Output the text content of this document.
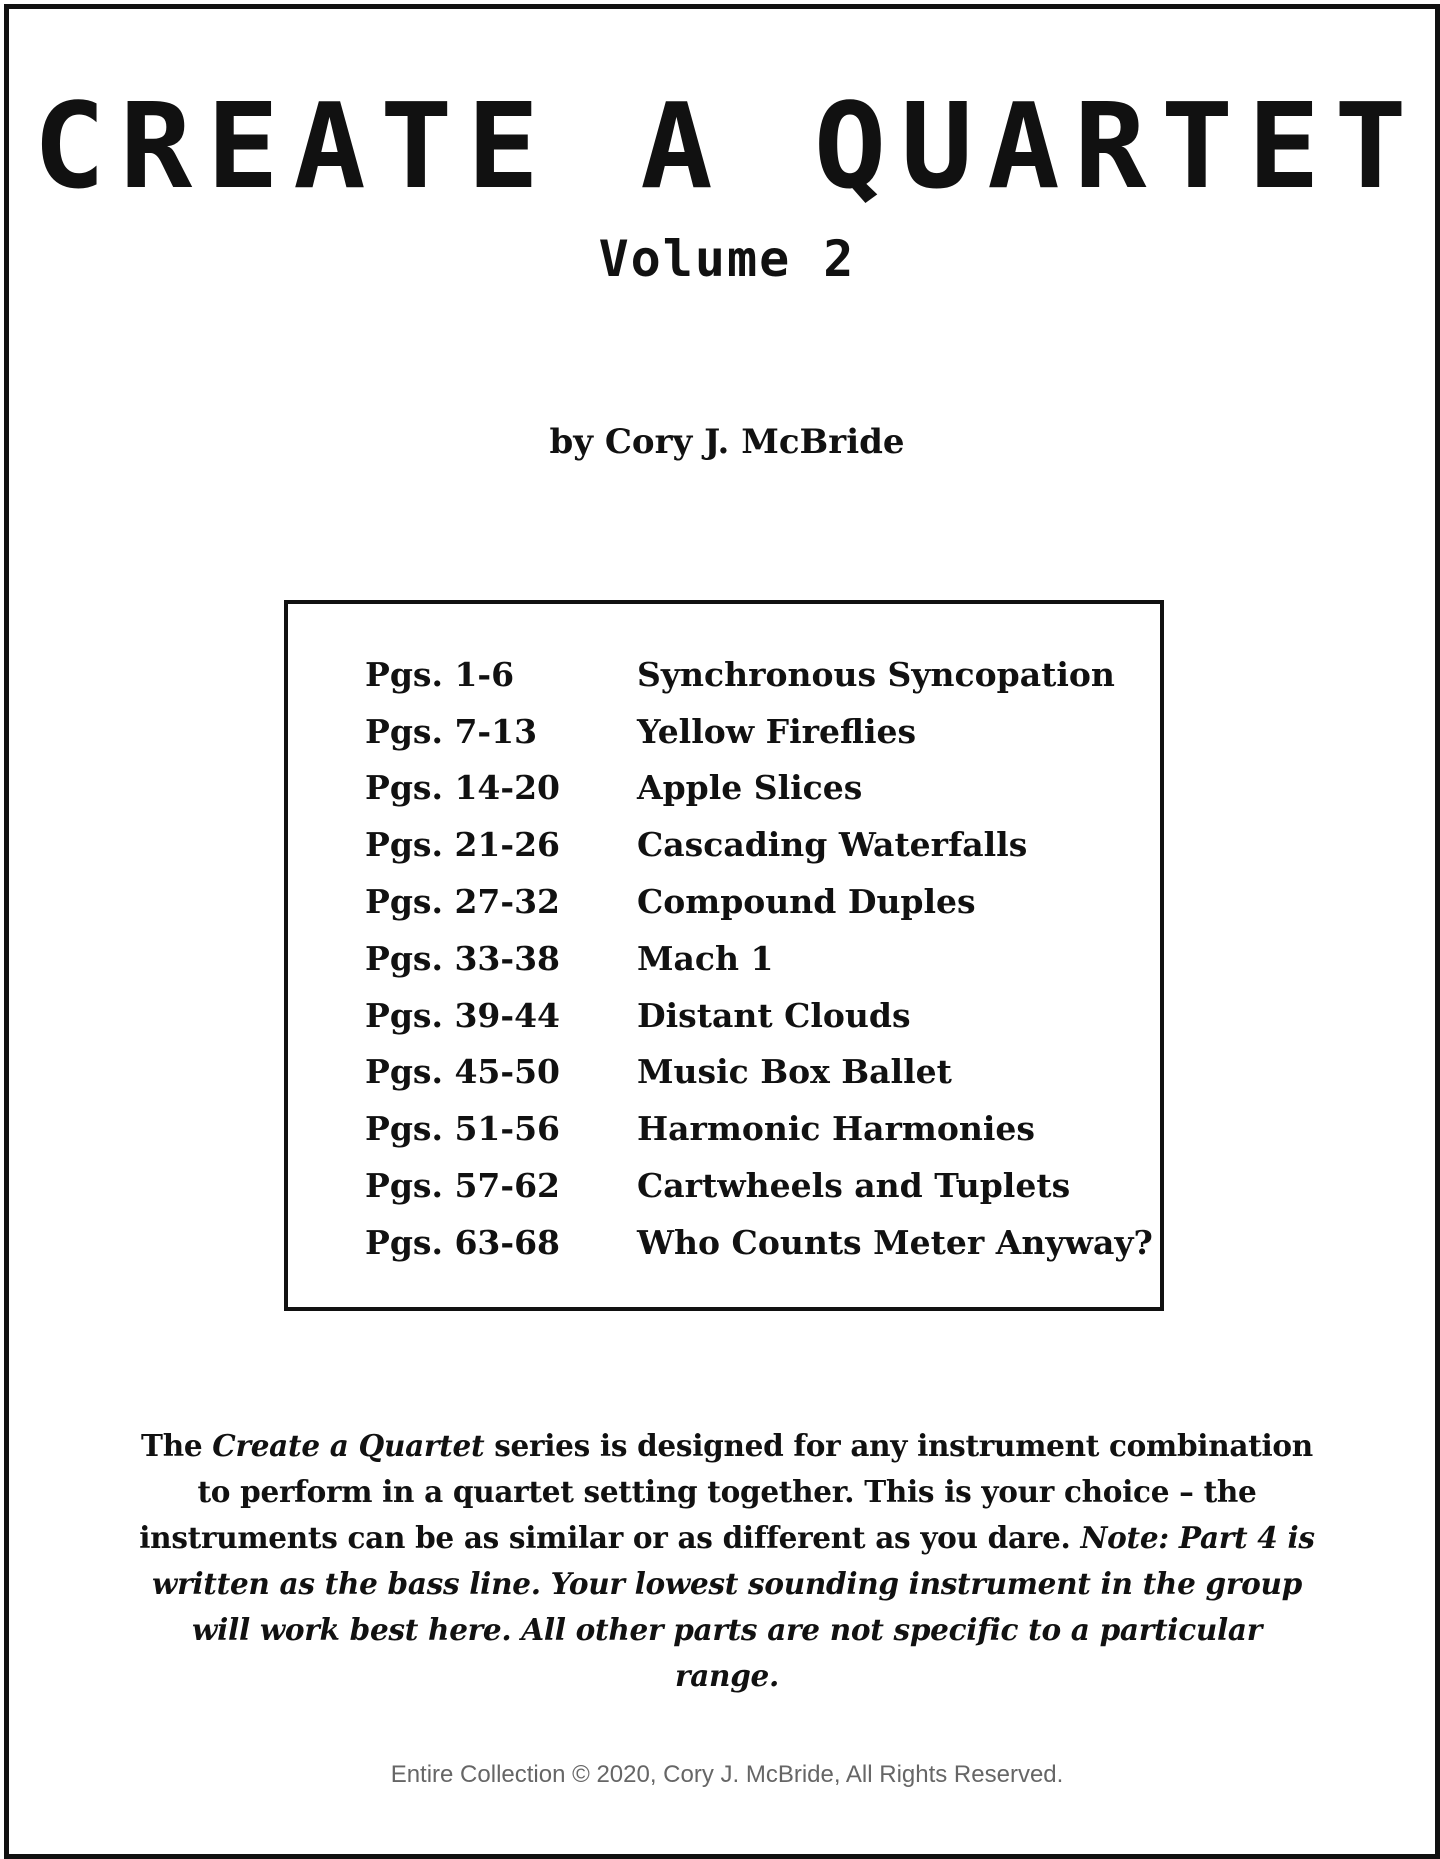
CREATE A QUARTET
Volume 2
by Cory J. McBride
Pgs. 1-6	Synchronous Syncopation
Pgs. 7-13	Yellow Fireflies
Pgs. 14-20	Apple Slices
Pgs. 21-26	Cascading Waterfalls
Pgs. 27-32	Compound Duples
Pgs. 33-38	Mach 1
Pgs. 39-44	Distant Clouds
Pgs. 45-50	Music Box Ballet
Pgs. 51-56	Harmonic Harmonies
Pgs. 57-62	Cartwheels and Tuplets
Pgs. 63-68	Who Counts Meter Anyway?
The Create a Quartet series is designed for any instrument combination to perform in a quartet setting together. This is your choice – the instruments can be as similar or as different as you dare. Note: Part 4 is written as the bass line. Your lowest sounding instrument in the group will work best here. All other parts are not specific to a particular range.
Entire Collection © 2020, Cory J. McBride, All Rights Reserved.
